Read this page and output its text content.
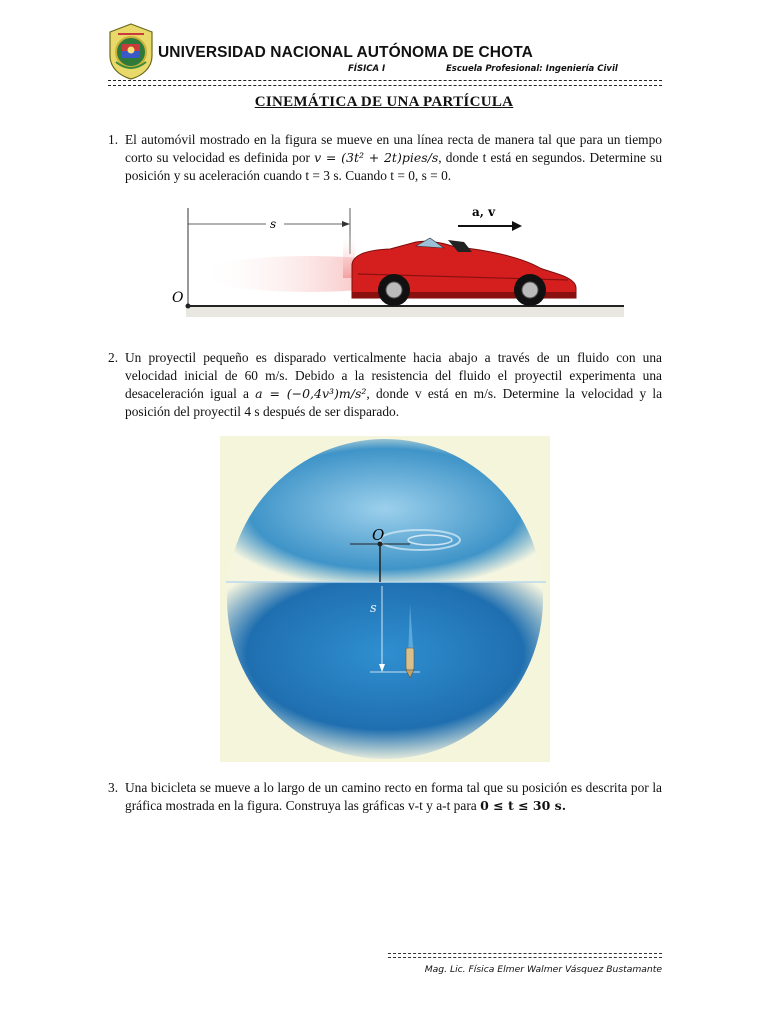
UNIVERSIDAD NACIONAL AUTÓNOMA DE CHOTA
FÍSICA I	Escuela Profesional: Ingeniería Civil
CINEMÁTICA DE UNA PARTÍCULA
1. El automóvil mostrado en la figura se mueve en una línea recta de manera tal que para un tiempo corto su velocidad es definida por v = (3t² + 2t)pies/s, donde t está en segundos. Determine su posición y su aceleración cuando t = 3 s. Cuando t = 0, s = 0.
O
s
a, v
2. Un proyectil pequeño es disparado verticalmente hacia abajo a través de un fluido con una velocidad inicial de 60 m/s. Debido a la resistencia del fluido el proyectil experimenta una desaceleración igual a a = (−0,4v³)m/s², donde v está en m/s. Determine la velocidad y la posición del proyectil 4 s después de ser disparado.
O
s
3. Una bicicleta se mueve a lo largo de un camino recto en forma tal que su posición es descrita por la gráfica mostrada en la figura. Construya las gráficas v-t y a-t para 0 ≤ t ≤ 30 s.
Mag. Lic. Física Elmer Walmer Vásquez Bustamante
